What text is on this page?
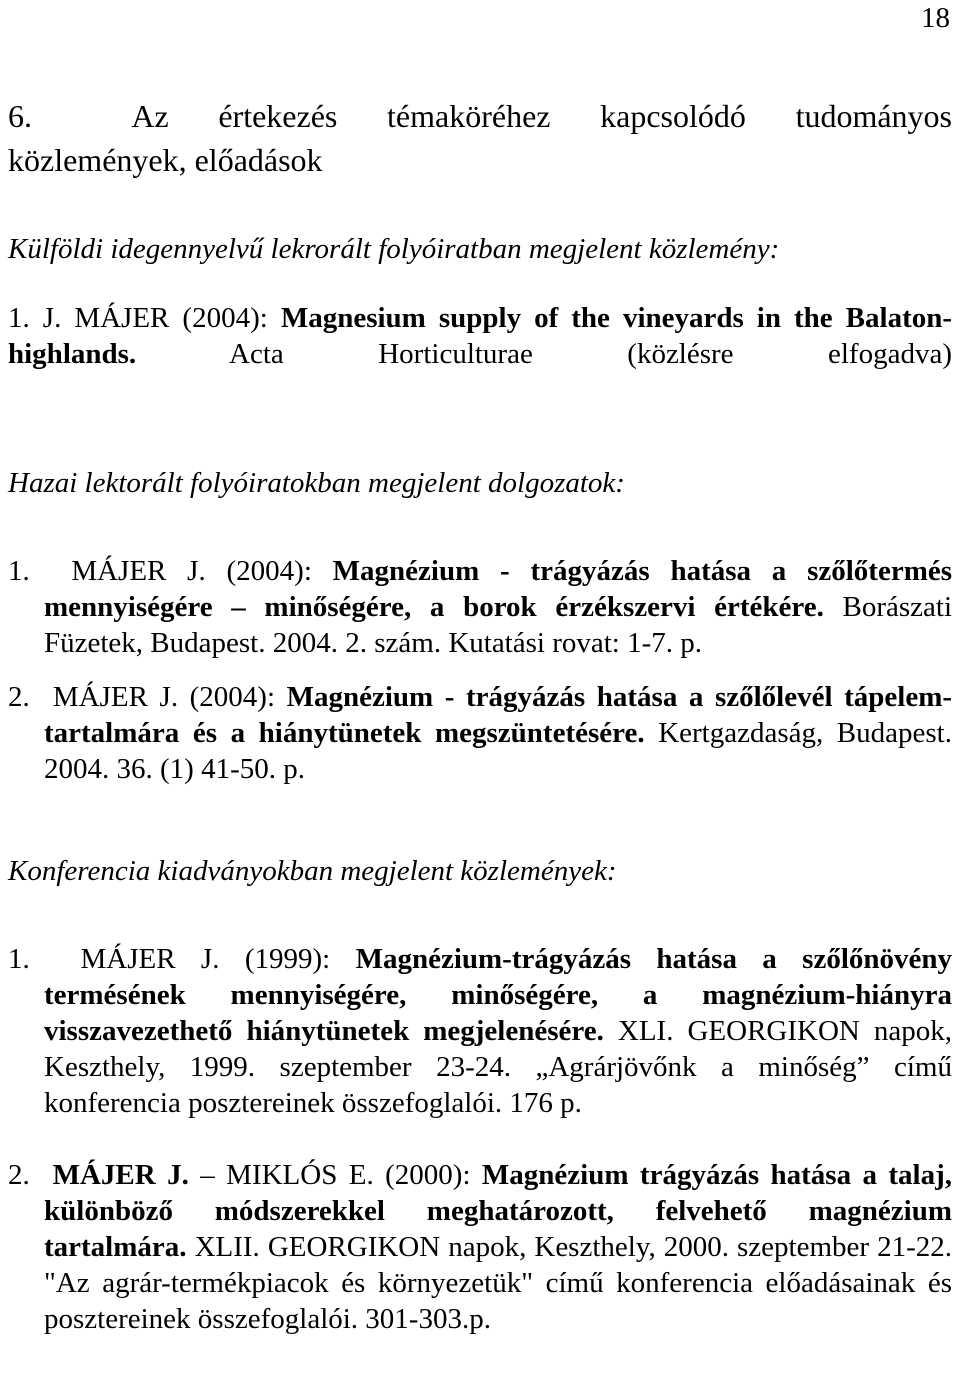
18
6.	Az értekezés témaköréhez kapcsolódó tudományos
közlemények, előadások
Külföldi idegennyelvű lekrorált folyóiratban megjelent közlemény:
1. J. MÁJER (2004): Magnesium supply of the vineyards in the Balaton-highlands.	Acta Horticulturae (közlésre elfogadva)
Hazai lektorált folyóiratokban megjelent dolgozatok:
1. MÁJER J. (2004): Magnézium - trágyázás hatása a szőlőtermés mennyiségére – minőségére, a borok érzékszervi értékére. Borászati Füzetek, Budapest. 2004. 2. szám. Kutatási rovat: 1-7. p.
2. MÁJER J. (2004): Magnézium - trágyázás hatása a szőlőlevél tápelem-tartalmára és a hiánytünetek megszüntetésére. Kertgazdaság, Budapest. 2004. 36. (1) 41-50. p.
Konferencia kiadványokban megjelent közlemények:
1. MÁJER J. (1999): Magnézium-trágyázás hatása a szőlőnövény termésének mennyiségére, minőségére, a magnézium-hiányra visszavezethető hiánytünetek megjelenésére. XLI. GEORGIKON napok, Keszthely, 1999. szeptember 23-24. „Agrárjövőnk a minőség” című konferencia posztereinek összefoglalói. 176 p.
2. MÁJER J. – MIKLÓS E. (2000): Magnézium trágyázás hatása a talaj, különböző módszerekkel meghatározott, felvehető magnézium tartalmára. XLII. GEORGIKON napok, Keszthely, 2000. szeptember 21-22. "Az agrár-termékpiacok és környezetük" című konferencia előadásainak és posztereinek összefoglalói. 301-303.p.
